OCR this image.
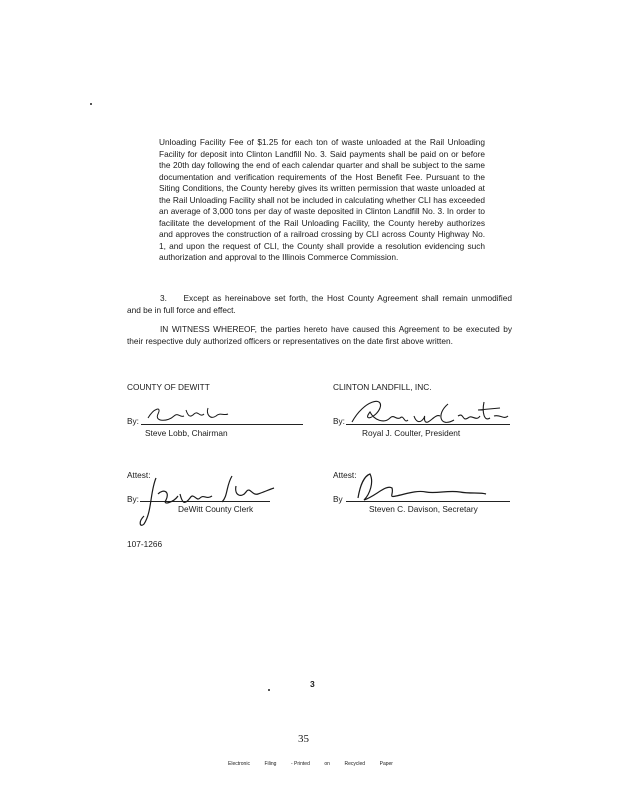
Unloading Facility Fee of $1.25 for each ton of waste unloaded at the Rail Unloading Facility for deposit into Clinton Landfill No. 3. Said payments shall be paid on or before the 20th day following the end of each calendar quarter and shall be subject to the same documentation and verification requirements of the Host Benefit Fee. Pursuant to the Siting Conditions, the County hereby gives its written permission that waste unloaded at the Rail Unloading Facility shall not be included in calculating whether CLI has exceeded an average of 3,000 tons per day of waste deposited in Clinton Landfill No. 3. In order to facilitate the development of the Rail Unloading Facility, the County hereby authorizes and approves the construction of a railroad crossing by CLI across County Highway No. 1, and upon the request of CLI, the County shall provide a resolution evidencing such authorization and approval to the Illinois Commerce Commission.

3.  Except as hereinabove set forth, the Host County Agreement shall remain unmodified and be in full force and effect.

IN WITNESS WHEREOF, the parties hereto have caused this Agreement to be executed by their respective duly authorized officers or representatives on the date first above written.

COUNTY OF DEWITT
By:
Steve Lobb, Chairman
Attest:
By:
DeWitt County Clerk
107-1266
CLINTON LANDFILL, INC.
By:
Royal J. Coulter, President
Attest:
By
Steven C. Davison, Secretary
3
35
Electronic	Filing	- Printed	on	Recycled	Paper
